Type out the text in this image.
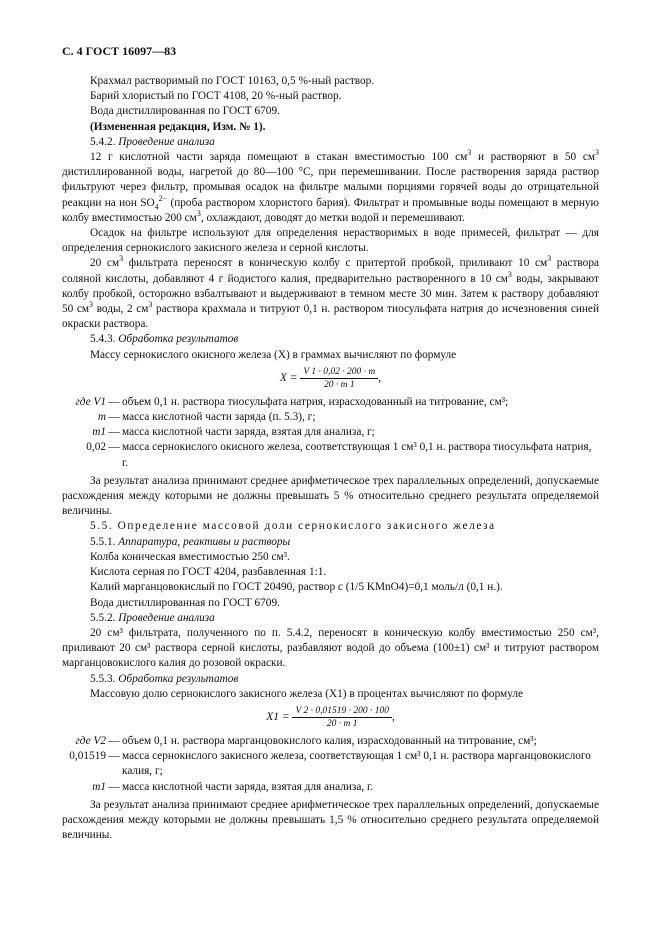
С. 4 ГОСТ 16097—83

Крахмал растворимый по ГОСТ 10163, 0,5 %-ный раствор.

Барий хлористый по ГОСТ 4108, 20 %-ный раствор.

Вода дистиллированная по ГОСТ 6709.

(Измененная редакция, Изм. № 1).

5.4.2. Проведение анализа

12 г кислотной части заряда помещают в стакан вместимостью 100 $см^3$ и растворяют в 50 $см^3$ дистиллированной воды, нагретой до 80—100 °С, при перемешивании. После растворения заряда раствор фильтруют через фильтр, промывая осадок на фильтре малыми порциями горячей воды до отрицательной реакции на ион $SO_4^{2-}$ (проба раствором хлористого бария). Фильтрат и промывные воды помещают в мерную колбу вместимостью 200 $см^3$, охлаждают, доводят до метки водой и перемешивают.

Осадок на фильтре используют для определения нерастворимых в воде примесей, фильтрат — для определения сернокислого закисного железа и серной кислоты.

20 $см^3$ фильтрата переносят в коническую колбу с притертой пробкой, приливают 10 $см^3$ раствора соляной кислоты, добавляют 4 г йодистого калия, предварительно растворенного в 10 $см^3$ воды, закрывают колбу пробкой, осторожно взбалтывают и выдерживают в темном месте 30 мин. Затем к раствору добавляют 50 $см^3$ воды, 2 $см^3$ раствора крахмала и титруют 0,1 н. раствором тиосульфата натрия до исчезновения синей окраски раствора.

5.4.3. Обработка результатов

Массу сернокислого окисного железа (X) в граммах вычисляют по формуле

$X = \frac{V 1 \cdot 0,02 \cdot 200 \cdot m}{20 \cdot m 1}$ ,
где V1	—	объем 0,1 н. раствора тиосульфата натрия, израсходованный на титрование, см³;
m	—	масса кислотной части заряда (п. 5.3), г;
m1	—	масса кислотной части заряда, взятая для анализа, г;
0,02	—	масса сернокислого окисного железа, соответствующая 1 см³ 0,1 н. раствора тиосульфата натрия, г.

За результат анализа принимают среднее арифметическое трех параллельных определений, допускаемые расхождения между которыми не должны превышать 5 % относительно среднего результата определяемой величины.

5.5. Определение массовой доли сернокислого закисного железа

5.5.1. Аппаратура, реактивы и растворы

Колба коническая вместимостью 250 см³.

Кислота серная по ГОСТ 4204, разбавленная 1:1.

Калий марганцовокислый по ГОСТ 20490, раствор c (1/5 KMnO4)=0,1 моль/л (0,1 н.).

Вода дистиллированная по ГОСТ 6709.

5.5.2. Проведение анализа

20 см³ фильтрата, полученного по п. 5.4.2, переносят в коническую колбу вместимостью 250 см³, приливают 20 см³ раствора серной кислоты, разбавляют водой до объема (100±1) см³ и титруют раствором марганцовокислого калия до розовой окраски.

5.5.3. Обработка результатов

Массовую долю сернокислого закисного железа (X1) в процентах вычисляют по формуле

$X1 = \frac{V 2 \cdot 0,01519 \cdot 200 \cdot 100}{20 \cdot m 1}$ ,
где V2	—	объем 0,1 н. раствора марганцовокислого калия, израсходованный на титрование, см³;
0,01519	—	масса сернокислого закисного железа, соответствующая 1 см³ 0,1 н. раствора марганцовокислого калия, г;
m1	—	масса кислотной части заряда, взятая для анализа, г.

За результат анализа принимают среднее арифметическое трех параллельных определений, допускаемые расхождения между которыми не должны превышать 1,5 % относительно среднего результата определяемой величины.
